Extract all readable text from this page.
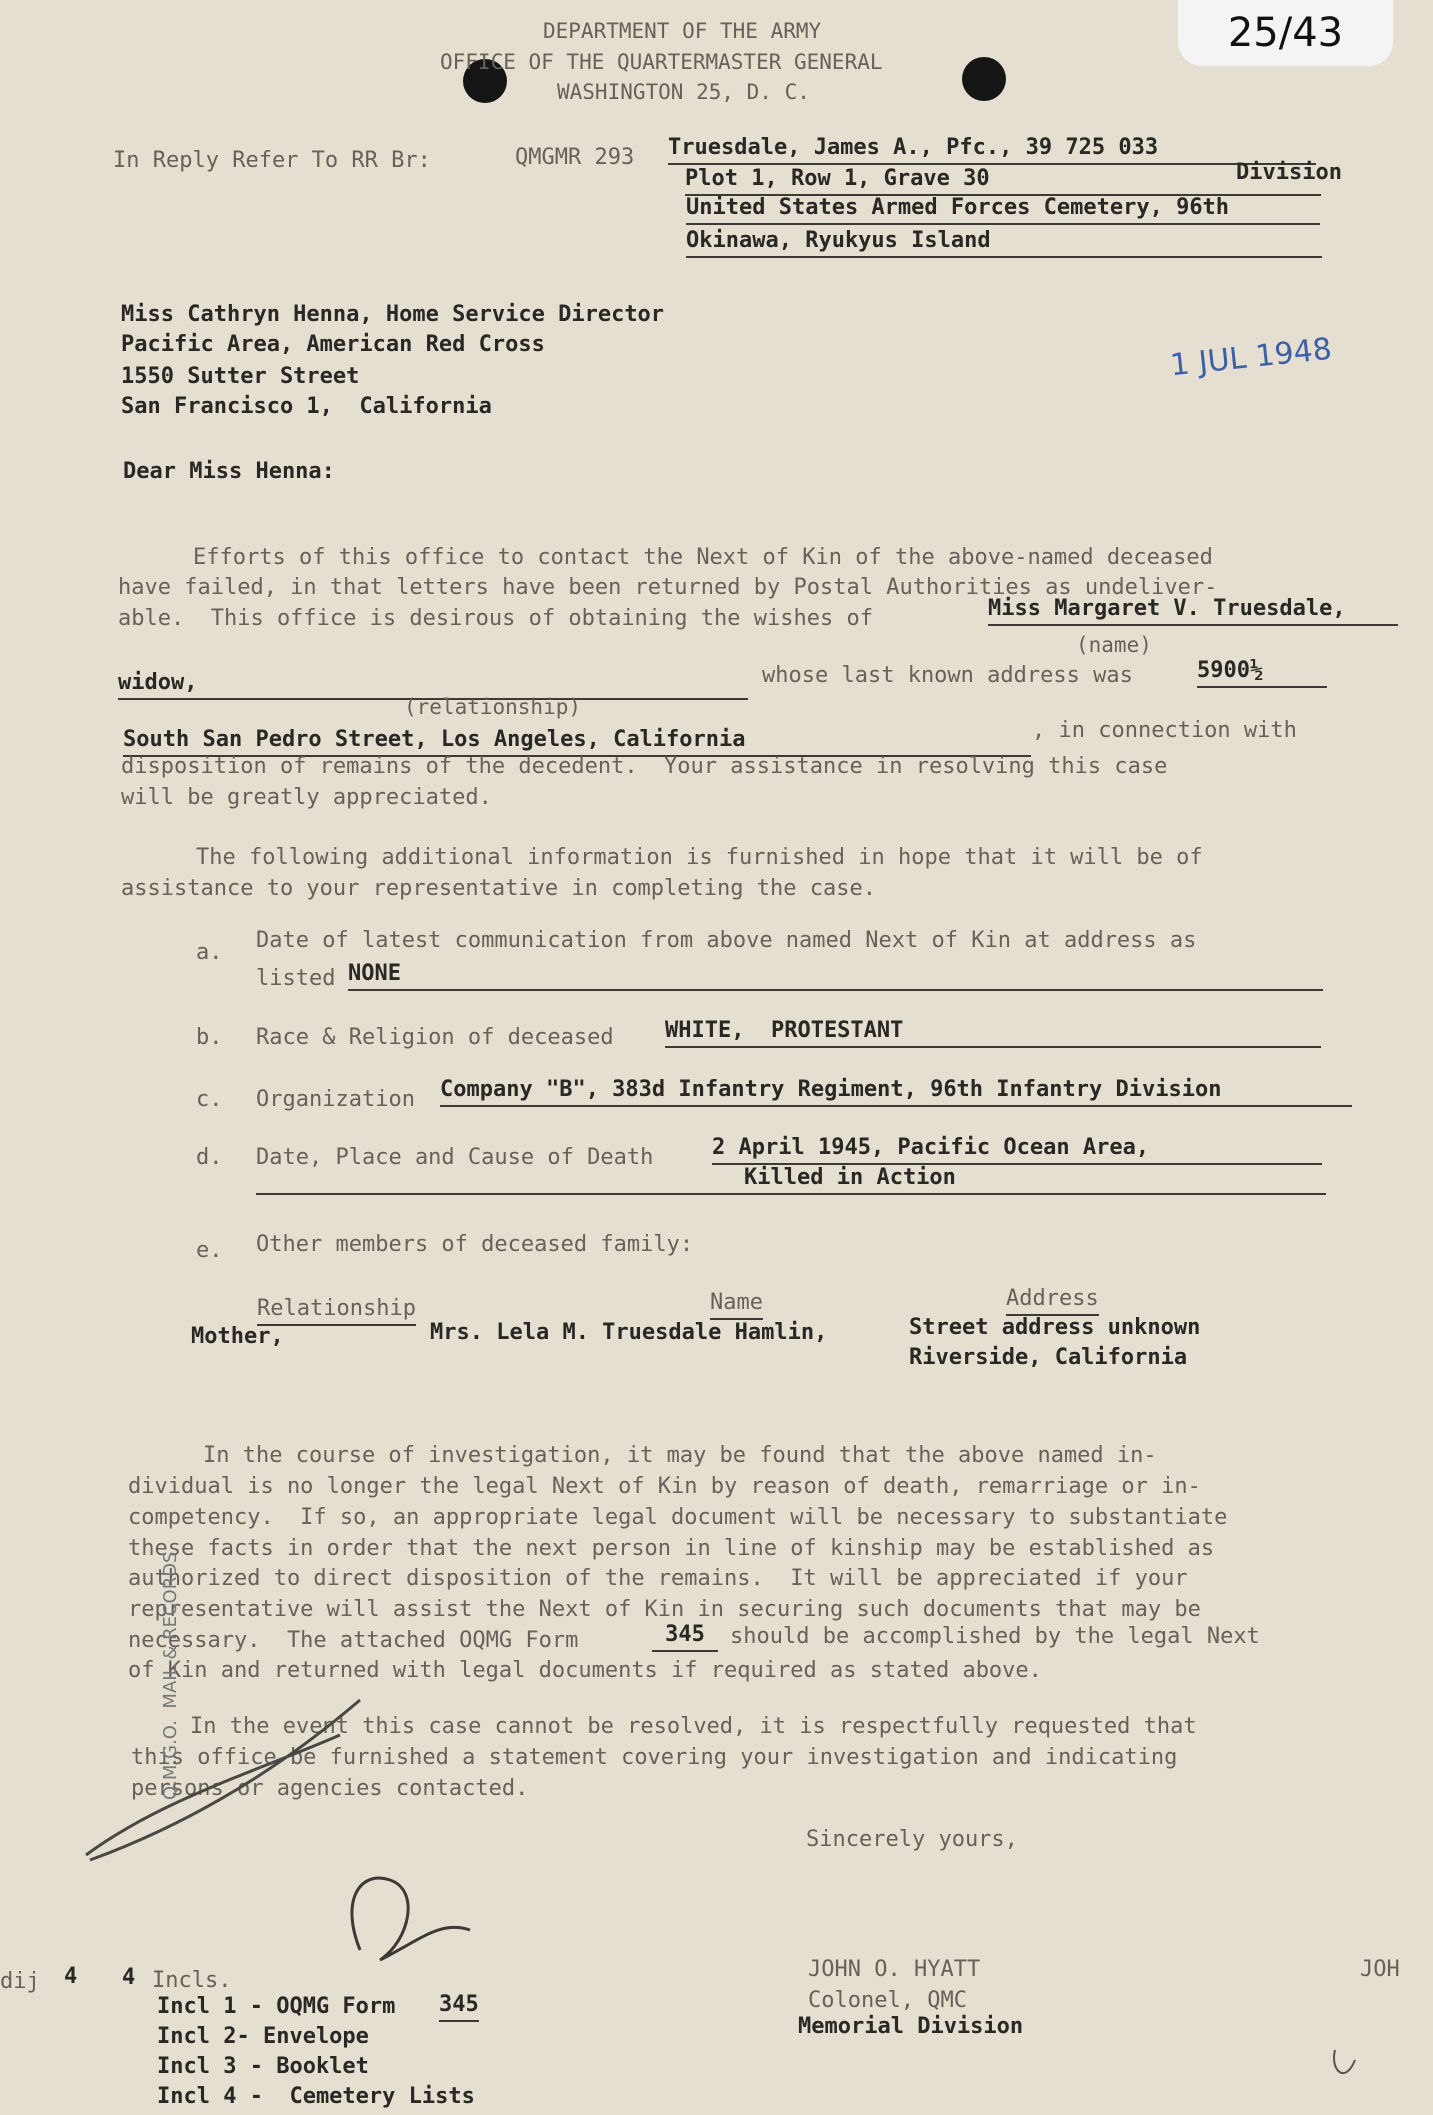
25/43
DEPARTMENT OF THE ARMY
OFFICE OF THE QUARTERMASTER GENERAL
WASHINGTON 25, D. C.
In Reply Refer To RR Br:	QMGMR 293 Truesdale, James A., Pfc., 39 725 033
Plot 1, Row 1, Grave 30	Division
United States Armed Forces Cemetery, 96th
Okinawa, Ryukyus Island
Miss Cathryn Henna, Home Service Director
Pacific Area, American Red Cross
1550 Sutter Street
San Francisco 1,  California
1 JUL 1948
Dear Miss Henna:
Efforts of this office to contact the Next of Kin of the above-named deceased
have failed, in that letters have been returned by Postal Authorities as undeliver-
able.  This office is desirous of obtaining the wishes of	Miss Margaret V. Truesdale,
(name)
widow,	whose last known address was	5900½
(relationship)
South San Pedro Street, Los Angeles, California	, in connection with
disposition of remains of the decedent.  Your assistance in resolving this case
will be greatly appreciated.
The following additional information is furnished in hope that it will be of
assistance to your representative in completing the case.
a. Date of latest communication from above named Next of Kin at address as
listed NONE
b. Race & Religion of deceased WHITE,  PROTESTANT
c. Organization Company "B", 383d Infantry Regiment, 96th Infantry Division
d. Date, Place and Cause of Death	2 April 1945, Pacific Ocean Area,
Killed in Action
e. Other members of deceased family:
Relationship	Name	Address
Mother,	Mrs. Lela M. Truesdale Hamlin,	Street address unknown
Riverside, California
In the course of investigation, it may be found that the above named in-
dividual is no longer the legal Next of Kin by reason of death, remarriage or in-
competency.  If so, an appropriate legal document will be necessary to substantiate
these facts in order that the next person in line of kinship may be established as
authorized to direct disposition of the remains.  It will be appreciated if your
representative will assist the Next of Kin in securing such documents that may be
necessary.  The attached OQMG Form	345	should be accomplished by the legal Next
of Kin and returned with legal documents if required as stated above.
In the event this case cannot be resolved, it is respectfully requested that
this office be furnished a statement covering your investigation and indicating
persons or agencies contacted.
Sincerely yours,
JOHN O. HYATT
Colonel, QMC
Memorial Division
JOH
dij 4 4 Incls.
Incl 1 - OQMG Form 345
Incl 2- Envelope
Incl 3 - Booklet
Incl 4 -  Cemetery Lists
Q.M.G.O.  MAIL & RECORDS
